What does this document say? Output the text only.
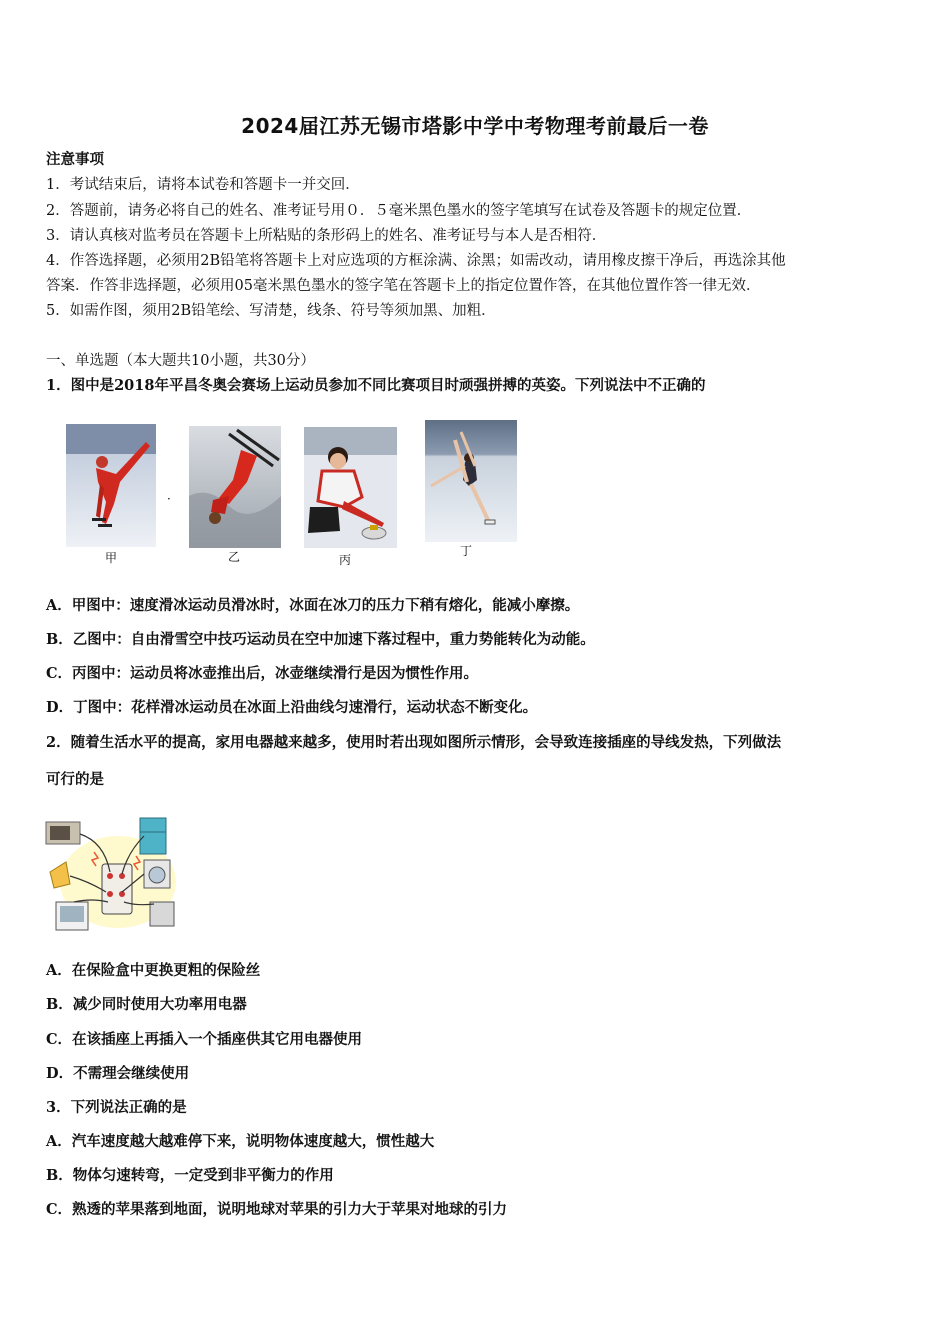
2024届江苏无锡市塔影中学中考物理考前最后一卷
注意事项
1．考试结束后，请将本试卷和答题卡一并交回．
2．答题前，请务必将自己的姓名、准考证号用０．５毫米黑色墨水的签字笔填写在试卷及答题卡的规定位置．
3．请认真核对监考员在答题卡上所粘贴的条形码上的姓名、准考证号与本人是否相符．
4．作答选择题，必须用2B铅笔将答题卡上对应选项的方框涂满、涂黑；如需改动，请用橡皮擦干净后，再选涂其他
答案．作答非选择题，必须用05毫米黑色墨水的签字笔在答题卡上的指定位置作答，在其他位置作答一律无效．
5．如需作图，须用2B铅笔绘、写清楚，线条、符号等须加黑、加粗．
一、单选题（本大题共10小题，共30分）
1．图中是2018年平昌冬奥会赛场上运动员参加不同比赛项目时顽强拼搏的英姿。下列说法中不正确的
甲
·
乙	丙
丁
A．甲图中：速度滑冰运动员滑冰时，冰面在冰刀的压力下稍有熔化，能减小摩擦。
B．乙图中：自由滑雪空中技巧运动员在空中加速下落过程中，重力势能转化为动能。
C．丙图中：运动员将冰壶推出后，冰壶继续滑行是因为惯性作用。
D．丁图中：花样滑冰运动员在冰面上沿曲线匀速滑行，运动状态不断变化。
2．随着生活水平的提高，家用电器越来越多，使用时若出现如图所示情形，会导致连接插座的导线发热，下列做法
可行的是
A．在保险盒中更换更粗的保险丝
B．减少同时使用大功率用电器
C．在该插座上再插入一个插座供其它用电器使用
D．不需理会继续使用
3．下列说法正确的是
A．汽车速度越大越难停下来，说明物体速度越大，惯性越大
B．物体匀速转弯，一定受到非平衡力的作用
C．熟透的苹果落到地面，说明地球对苹果的引力大于苹果对地球的引力
